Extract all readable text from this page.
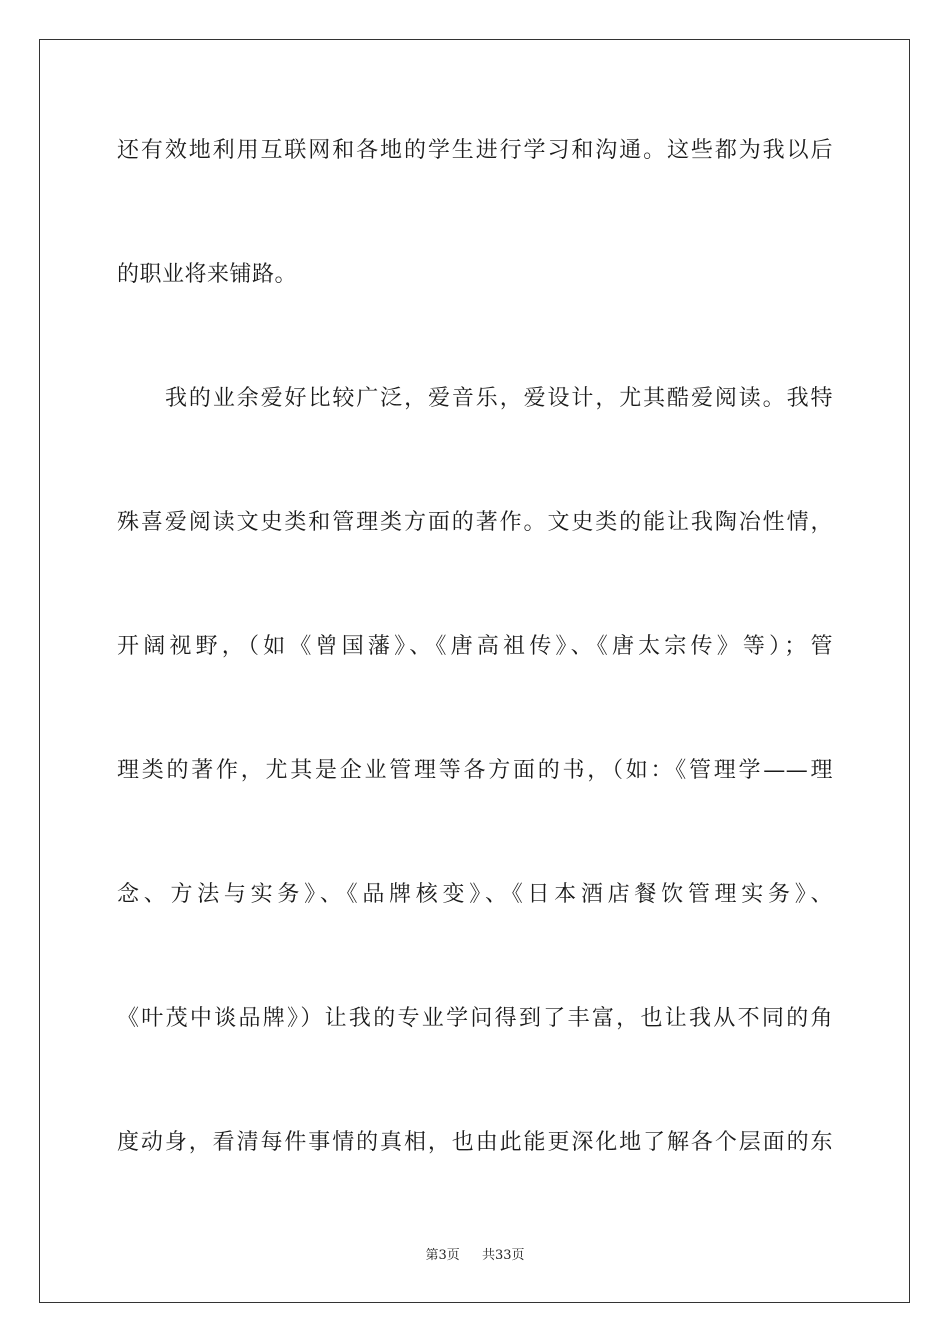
还有效地利用互联网和各地的学生进行学习和沟通。这些都为我以后
的职业将来铺路。
我的业余爱好比较广泛，爱音乐，爱设计，尤其酷爱阅读。我特
殊喜爱阅读文史类和管理类方面的著作。文史类的能让我陶冶性情，
开阔视野，（如《曾国藩》、《唐高祖传》、《唐太宗传》等）；管
理类的著作，尤其是企业管理等各方面的书，（如：《管理学——理
念、方法与实务》、《品牌核变》、《日本酒店餐饮管理实务》、
《叶茂中谈品牌》）让我的专业学问得到了丰富，也让我从不同的角
度动身，看清每件事情的真相，也由此能更深化地了解各个层面的东
第3页 共33页
